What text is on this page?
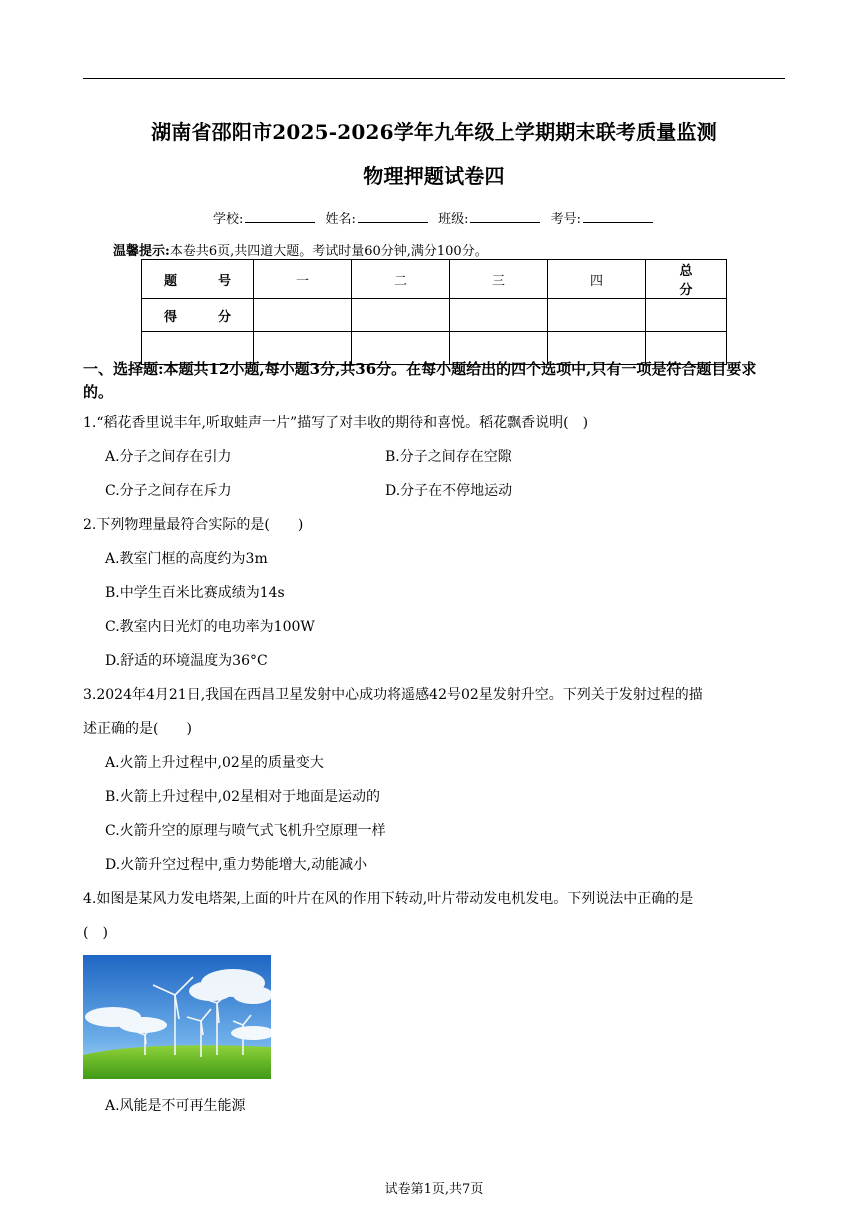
湖南省邵阳市2025-2026学年九年级上学期期末联考质量监测
物理押题试卷四
学校:	姓名:	班级:	考号:
温馨提示:本卷共6页,共四道大题。考试时量60分钟,满分100分。
题　号	一	二	三	四	总　分
得　分					

一、选择题:本题共12小题,每小题3分,共36分。在每小题给出的四个选项中,只有一项是符合题目要求的。
1.“稻花香里说丰年,听取蛙声一片”描写了对丰收的期待和喜悦。稻花飘香说明(　)
A.分子之间存在引力	B.分子之间存在空隙
C.分子之间存在斥力	D.分子在不停地运动
2.下列物理量最符合实际的是(　　)
A.教室门框的高度约为3m
B.中学生百米比赛成绩为14s
C.教室内日光灯的电功率为100W
D.舒适的环境温度为36°C
3.2024年4月21日,我国在西昌卫星发射中心成功将遥感42号02星发射升空。下列关于发射过程的描
述正确的是(　　)
A.火箭上升过程中,02星的质量变大
B.火箭上升过程中,02星相对于地面是运动的
C.火箭升空的原理与喷气式飞机升空原理一样
D.火箭升空过程中,重力势能增大,动能减小
4.如图是某风力发电塔架,上面的叶片在风的作用下转动,叶片带动发电机发电。下列说法中正确的是
(　)
A.风能是不可再生能源
试卷第1页,共7页
